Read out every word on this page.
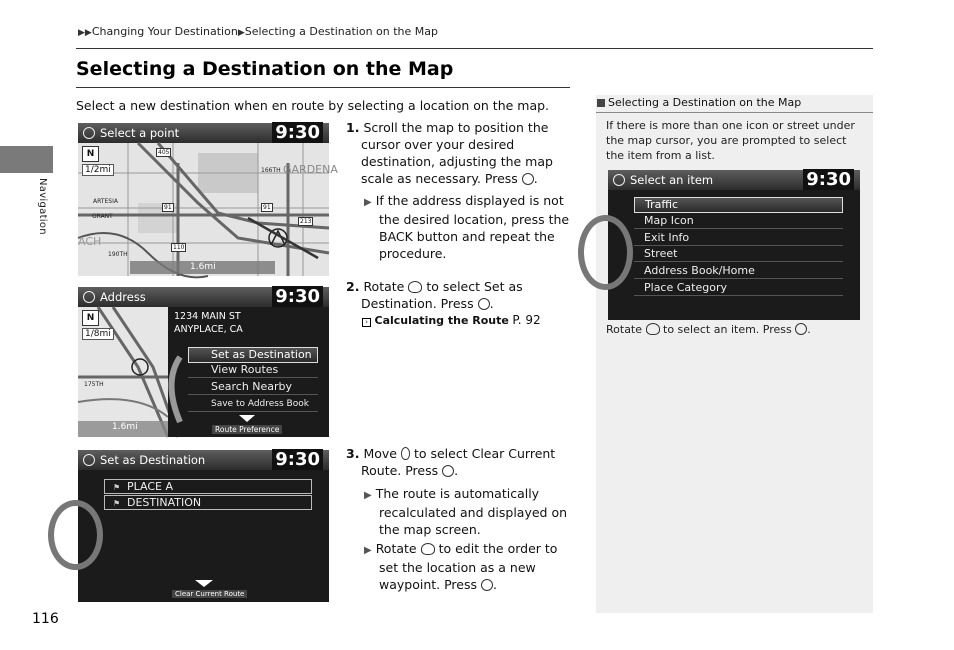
▶▶Changing Your Destination▶Selecting a Destination on the Map
Navigation
Selecting a Destination on the Map
Select a new destination when en route by selecting a location on the map.
Select a point	9:30
N
1/2mi
1.6mi
ARTESIA
GRANT
190TH
166TH GARDENA
ACH
405
91	91
213
110
Address	9:30
N
1/8mi
175TH
1234 MAIN ST
ANYPLACE, CA
1.6mi
Set as Destination
View Routes
Search Nearby
Save to Address Book
Route Preference
Set as Destination	9:30
⚑ PLACE A
⚑ DESTINATION
Clear Current Route
1. Scroll the map to position the
cursor over your desired
destination, adjusting the map
scale as necessary. Press .
▶ If the address displayed is not
the desired location, press the
BACK button and repeat the
procedure.
2. Rotate to select Set as
Destination. Press .
› Calculating the Route P. 92
3. Move to select Clear Current
Route. Press .
▶ The route is automatically
recalculated and displayed on
the map screen.
▶ Rotate to edit the order to
set the location as a new
waypoint. Press .
Selecting a Destination on the Map
If there is more than one icon or street under the map cursor, you are prompted to select the item from a list.
Select an item	9:30
Traffic
Map Icon
Exit Info
Street
Address Book/Home
Place Category
Rotate to select an item. Press .
116
